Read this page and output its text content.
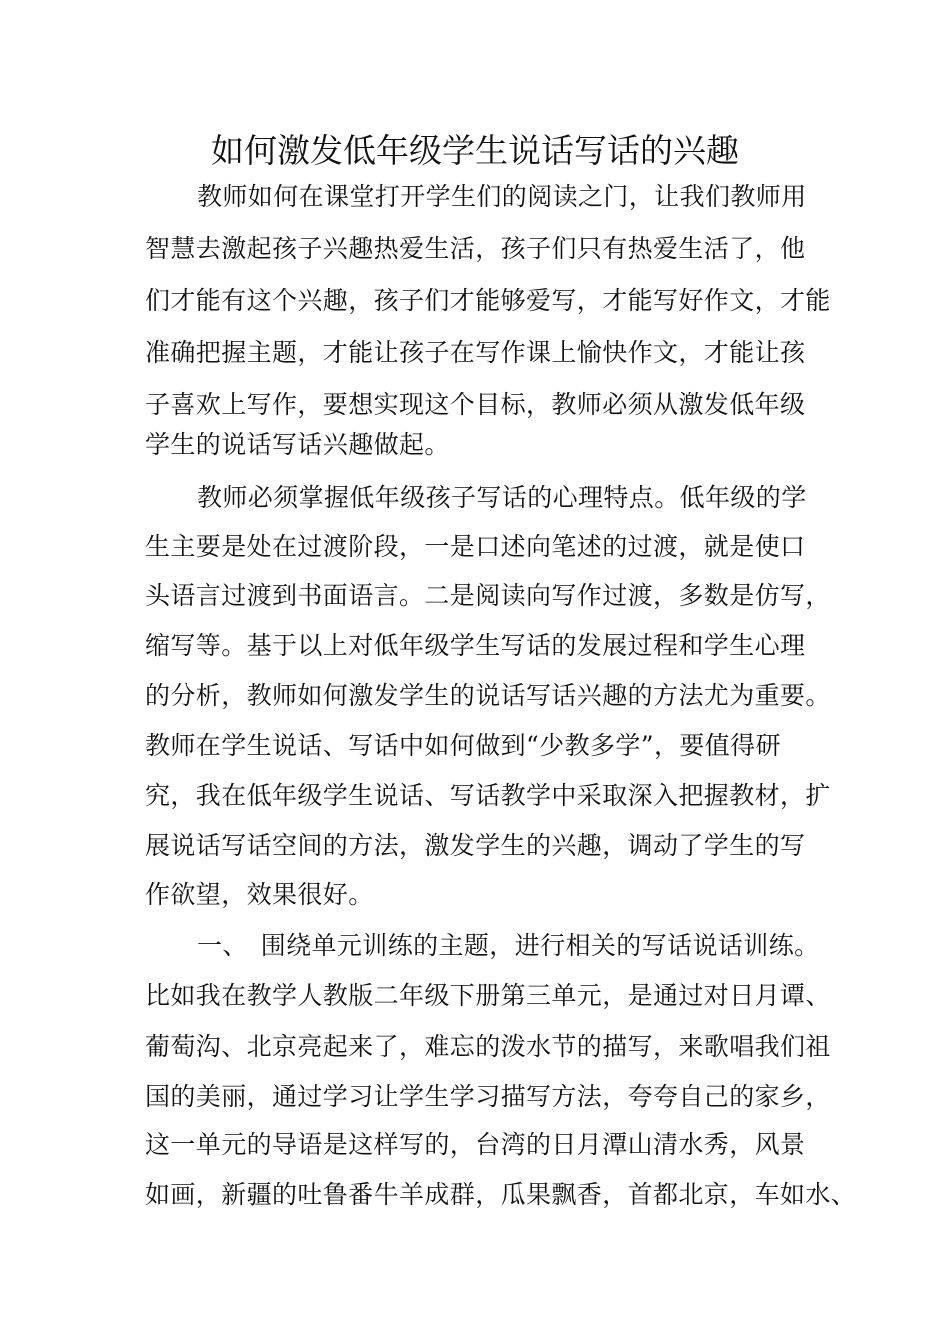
如何激发低年级学生说话写话的兴趣
教师如何在课堂打开学生们的阅读之门，让我们教师用
智慧去激起孩子兴趣热爱生活，孩子们只有热爱生活了，他
们才能有这个兴趣，孩子们才能够爱写，才能写好作文，才能
准确把握主题，才能让孩子在写作课上愉快作文，才能让孩
子喜欢上写作，要想实现这个目标，教师必须从激发低年级
学生的说话写话兴趣做起。
教师必须掌握低年级孩子写话的心理特点。低年级的学
生主要是处在过渡阶段，一是口述向笔述的过渡，就是使口
头语言过渡到书面语言。二是阅读向写作过渡，多数是仿写，
缩写等。基于以上对低年级学生写话的发展过程和学生心理
的分析，教师如何激发学生的说话写话兴趣的方法尤为重要。
教师在学生说话、写话中如何做到“少教多学”，要值得研
究，我在低年级学生说话、写话教学中采取深入把握教材，扩
展说话写话空间的方法，激发学生的兴趣，调动了学生的写
作欲望，效果很好。
一、　围绕单元训练的主题，进行相关的写话说话训练。
比如我在教学人教版二年级下册第三单元，是通过对日月谭、
葡萄沟、北京亮起来了，难忘的泼水节的描写，来歌唱我们祖
国的美丽，通过学习让学生学习描写方法，夸夸自己的家乡，
这一单元的导语是这样写的，台湾的日月潭山清水秀，风景
如画，新疆的吐鲁番牛羊成群，瓜果飘香，首都北京，车如水、
